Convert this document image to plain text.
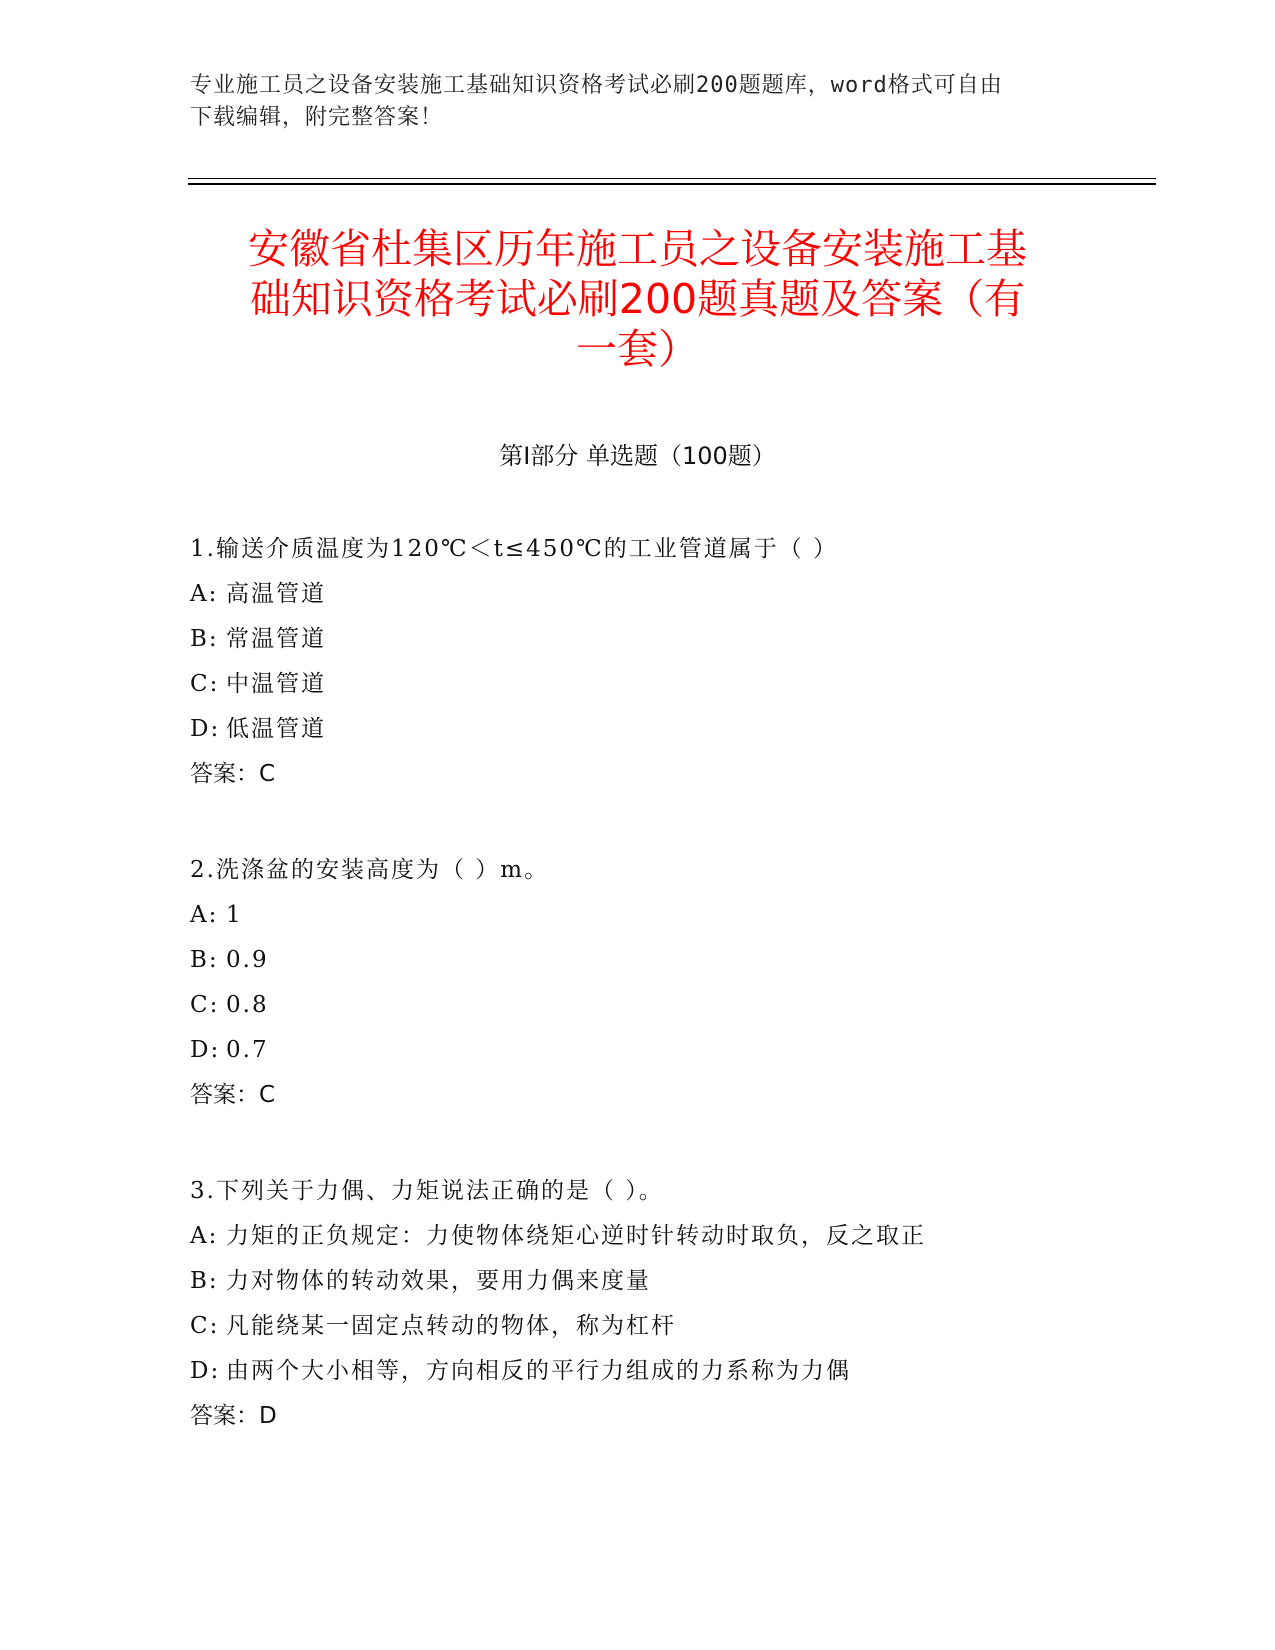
专业施工员之设备安装施工基础知识资格考试必刷200题题库，word格式可自由
下载编辑，附完整答案！
安徽省杜集区历年施工员之设备安装施工基
础知识资格考试必刷200题真题及答案（有
一套）
第Ⅰ部分 单选题（100题）
1.输送介质温度为120℃＜t≤450℃的工业管道属于（ ）
A: 高温管道
B: 常温管道
C: 中温管道
D: 低温管道
答案：C
2.洗涤盆的安装高度为（ ）m。
A: 1
B: 0.9
C: 0.8
D: 0.7
答案：C
3.下列关于力偶、力矩说法正确的是（ ）。
A: 力矩的正负规定：力使物体绕矩心逆时针转动时取负，反之取正
B: 力对物体的转动效果，要用力偶来度量
C: 凡能绕某一固定点转动的物体，称为杠杆
D: 由两个大小相等，方向相反的平行力组成的力系称为力偶
答案：D
